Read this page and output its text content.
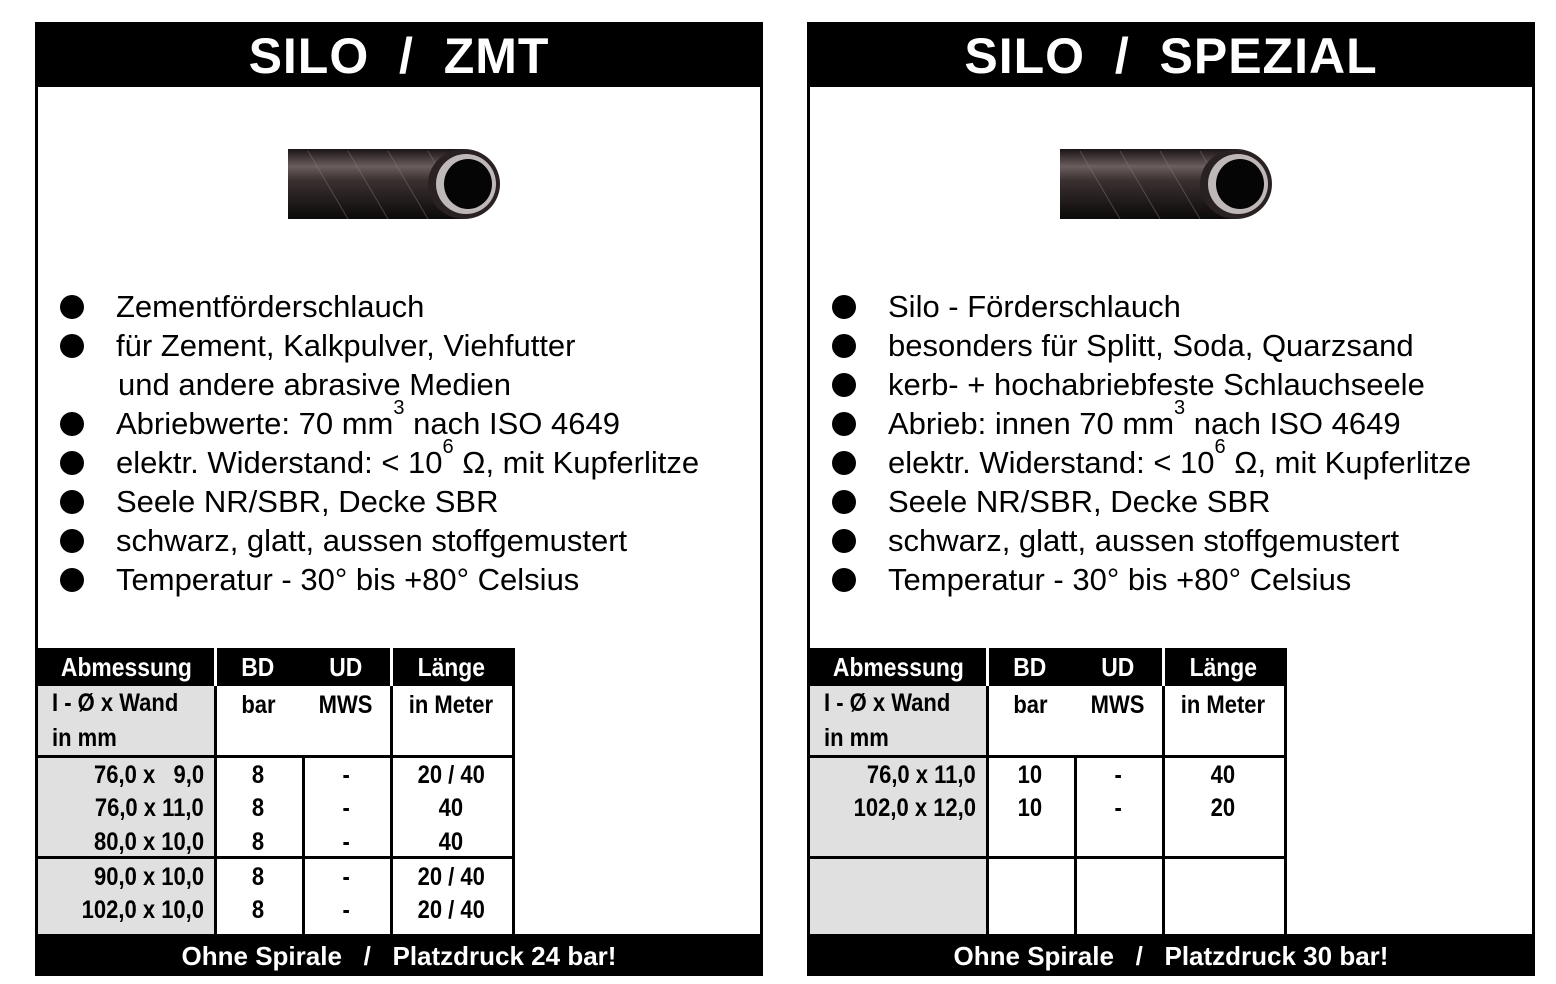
SILO  /  ZMT
Zementförderschlauch
für Zement, Kalkpulver, Viehfutter
und andere abrasive Medien
Abriebwerte: 70 $mm^3$ nach ISO 4649
elektr. Widerstand: < $10^6$ Ω, mit Kupferlitze
Seele NR/SBR, Decke SBR
schwarz, glatt, aussen stoffgemustert
Temperatur - 30° bis +80° Celsius
Abmessung	BD	UD	Länge
I - Ø x Wand
in mm
bar	MWS	in Meter
76,0 x   9,0	8	-	20 / 40
76,0 x 11,0	8	-	40
80,0 x 10,0	8	-	40
90,0 x 10,0	8	-	20 / 40
102,0 x 10,0	8	-	20 / 40
Ohne Spirale   /   Platzdruck 24 bar!
SILO  /  SPEZIAL
Silo - Förderschlauch
besonders für Splitt, Soda, Quarzsand
kerb- + hochabriebfeste Schlauchseele
Abrieb: innen 70 $mm^3$ nach ISO 4649
elektr. Widerstand: < $10^6$ Ω, mit Kupferlitze
Seele NR/SBR, Decke SBR
schwarz, glatt, aussen stoffgemustert
Temperatur - 30° bis +80° Celsius
Abmessung	BD	UD	Länge
I - Ø x Wand
in mm
bar	MWS	in Meter
76,0 x 11,0	10	-	40
102,0 x 12,0	10	-	20
Ohne Spirale   /   Platzdruck 30 bar!
